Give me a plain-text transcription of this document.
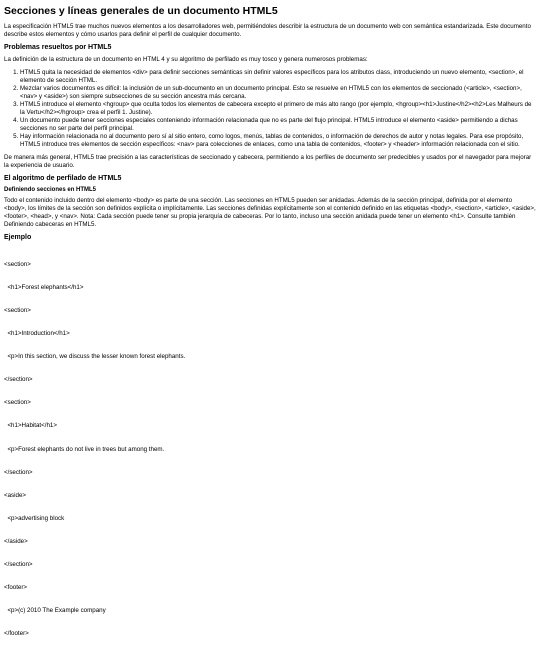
Secciones y líneas generales de un documento HTML5

La especificación HTML5 trae muchos nuevos elementos a los desarrolladores web, permitiéndoles describir la estructura de un documento web con semántica estandarizada. Este documento describe estos elementos y cómo usarlos para definir el perfil de cualquier documento.

Problemas resueltos por HTML5

La definición de la estructura de un documento en HTML 4 y su algoritmo de perfilado es muy tosco y genera numerosos problemas:

1. HTML5 quita la necesidad de elementos <div> para definir secciones semánticas sin definir valores específicos para los atributos class, introduciendo un nuevo elemento, <section>, el elemento de sección HTML.
2. Mezclar varios documentos es difícil: la inclusión de un sub-documento en un documento principal. Esto se resuelve en HTML5 con los elementos de seccionado (<article>, <section>, <nav> y <aside>) son siempre subsecciones de su sección ancestra más cercana.
3. HTML5 introduce el elemento <hgroup> que oculta todos los elementos de cabecera excepto el primero de más alto rango (por ejemplo, <hgroup><h1>Justine</h2><h2>Les Malheurs de la Vertu</h2></hgroup> crea el perfil 1. Justine).
4. Un documento puede tener secciones especiales conteniendo información relacionada que no es parte del flujo principal. HTML5 introduce el elemento <aside> permitiendo a dichas secciones no ser parte del perfil principal.
5. Hay información relacionada no al documento pero sí al sitio entero, como logos, menús, tablas de contenidos, o información de derechos de autor y notas legales. Para ese propósito, HTML5 introduce tres elementos de sección específicos: <nav> para colecciones de enlaces, como una tabla de contenidos, <footer> y <header> información relacionada con el sitio.

De manera más general, HTML5 trae precisión a las características de seccionado y cabecera, permitiendo a los perfiles de documento ser predecibles y usados por el navegador para mejorar la experiencia de usuario.

El algoritmo de perfilado de HTML5
Definiendo secciones en HTML5

Todo el contenido incluido dentro del elemento <body> es parte de una sección. Las secciones en HTML5 pueden ser anidadas. Además de la sección principal, definida por el elemento <body>, los límites de la sección son definidos explícita o implícitamente. Las secciones definidas explícitamente son el contenido definido en las etiquetas <body>, <section>, <article>, <aside>, <footer>, <head>, y <nav>. Nota: Cada sección puede tener su propia jerarquía de cabeceras. Por lo tanto, incluso una sección anidada puede tener un elemento <h1>. Consulte también Definiendo cabeceras en HTML5.

Ejemplo

<section>

<h1>Forest elephants</h1>

<section>

<h1>Introduction</h1>

<p>In this section, we discuss the lesser known forest elephants.

</section>

<section>

<h1>Habitat</h1>

<p>Forest elephants do not live in trees but among them.

</section>

<aside>

<p>advertising block

</aside>

</section>

<footer>

<p>(c) 2010 The Example company

</footer>
